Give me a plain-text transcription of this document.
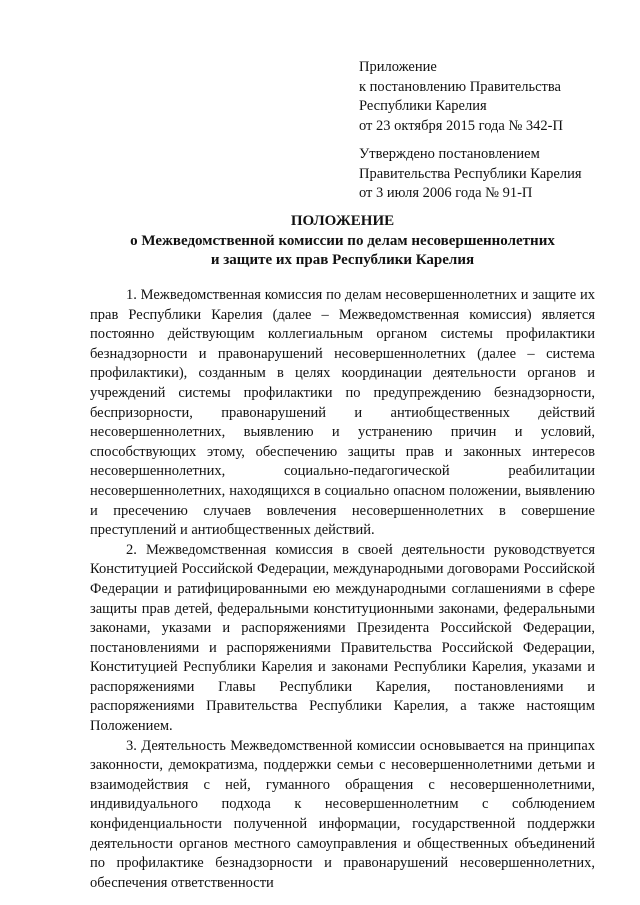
Приложение
к постановлению Правительства
Республики Карелия
от 23 октября 2015 года № 342-П
Утверждено постановлением
Правительства Республики Карелия
от 3 июля 2006 года № 91-П
ПОЛОЖЕНИЕ
о Межведомственной комиссии по делам несовершеннолетних
и защите их прав Республики Карелия

1. Межведомственная комиссия по делам несовершеннолетних и защите их прав Республики Карелия (далее – Межведомственная комиссия) является постоянно действующим коллегиальным органом системы профилактики безнадзорности и правонарушений несовершеннолетних (далее – система профилактики), созданным в целях координации деятельности органов и учреждений системы профилактики по предупреждению безнадзорности, беспризорности, правонарушений и антиобщественных действий несовершеннолетних, выявлению и устранению причин и условий, способствующих этому, обеспечению защиты прав и законных интересов несовершеннолетних, социально-педагогической реабилитации несовершеннолетних, находящихся в социально опасном положении, выявлению и пресечению случаев вовлечения несовершеннолетних в совершение преступлений и антиобщественных действий.

2. Межведомственная комиссия в своей деятельности руководствуется Конституцией Российской Федерации, международными договорами Российской Федерации и ратифицированными ею международными соглашениями в сфере защиты прав детей, федеральными конституционными законами, федеральными законами, указами и распоряжениями Президента Российской Федерации, постановлениями и распоряжениями Правительства Российской Федерации, Конституцией Республики Карелия и законами Республики Карелия, указами и распоряжениями Главы Республики Карелия, постановлениями и распоряжениями Правительства Республики Карелия, а также настоящим Положением.

3. Деятельность Межведомственной комиссии основывается на принципах законности, демократизма, поддержки семьи с несовершеннолетними детьми и взаимодействия с ней, гуманного обращения с несовершеннолетними, индивидуального подхода к несовершеннолетним с соблюдением конфиденциальности полученной информации, государственной поддержки деятельности органов местного самоуправления и общественных объединений по профилактике безнадзорности и правонарушений несовершеннолетних, обеспечения ответственности
